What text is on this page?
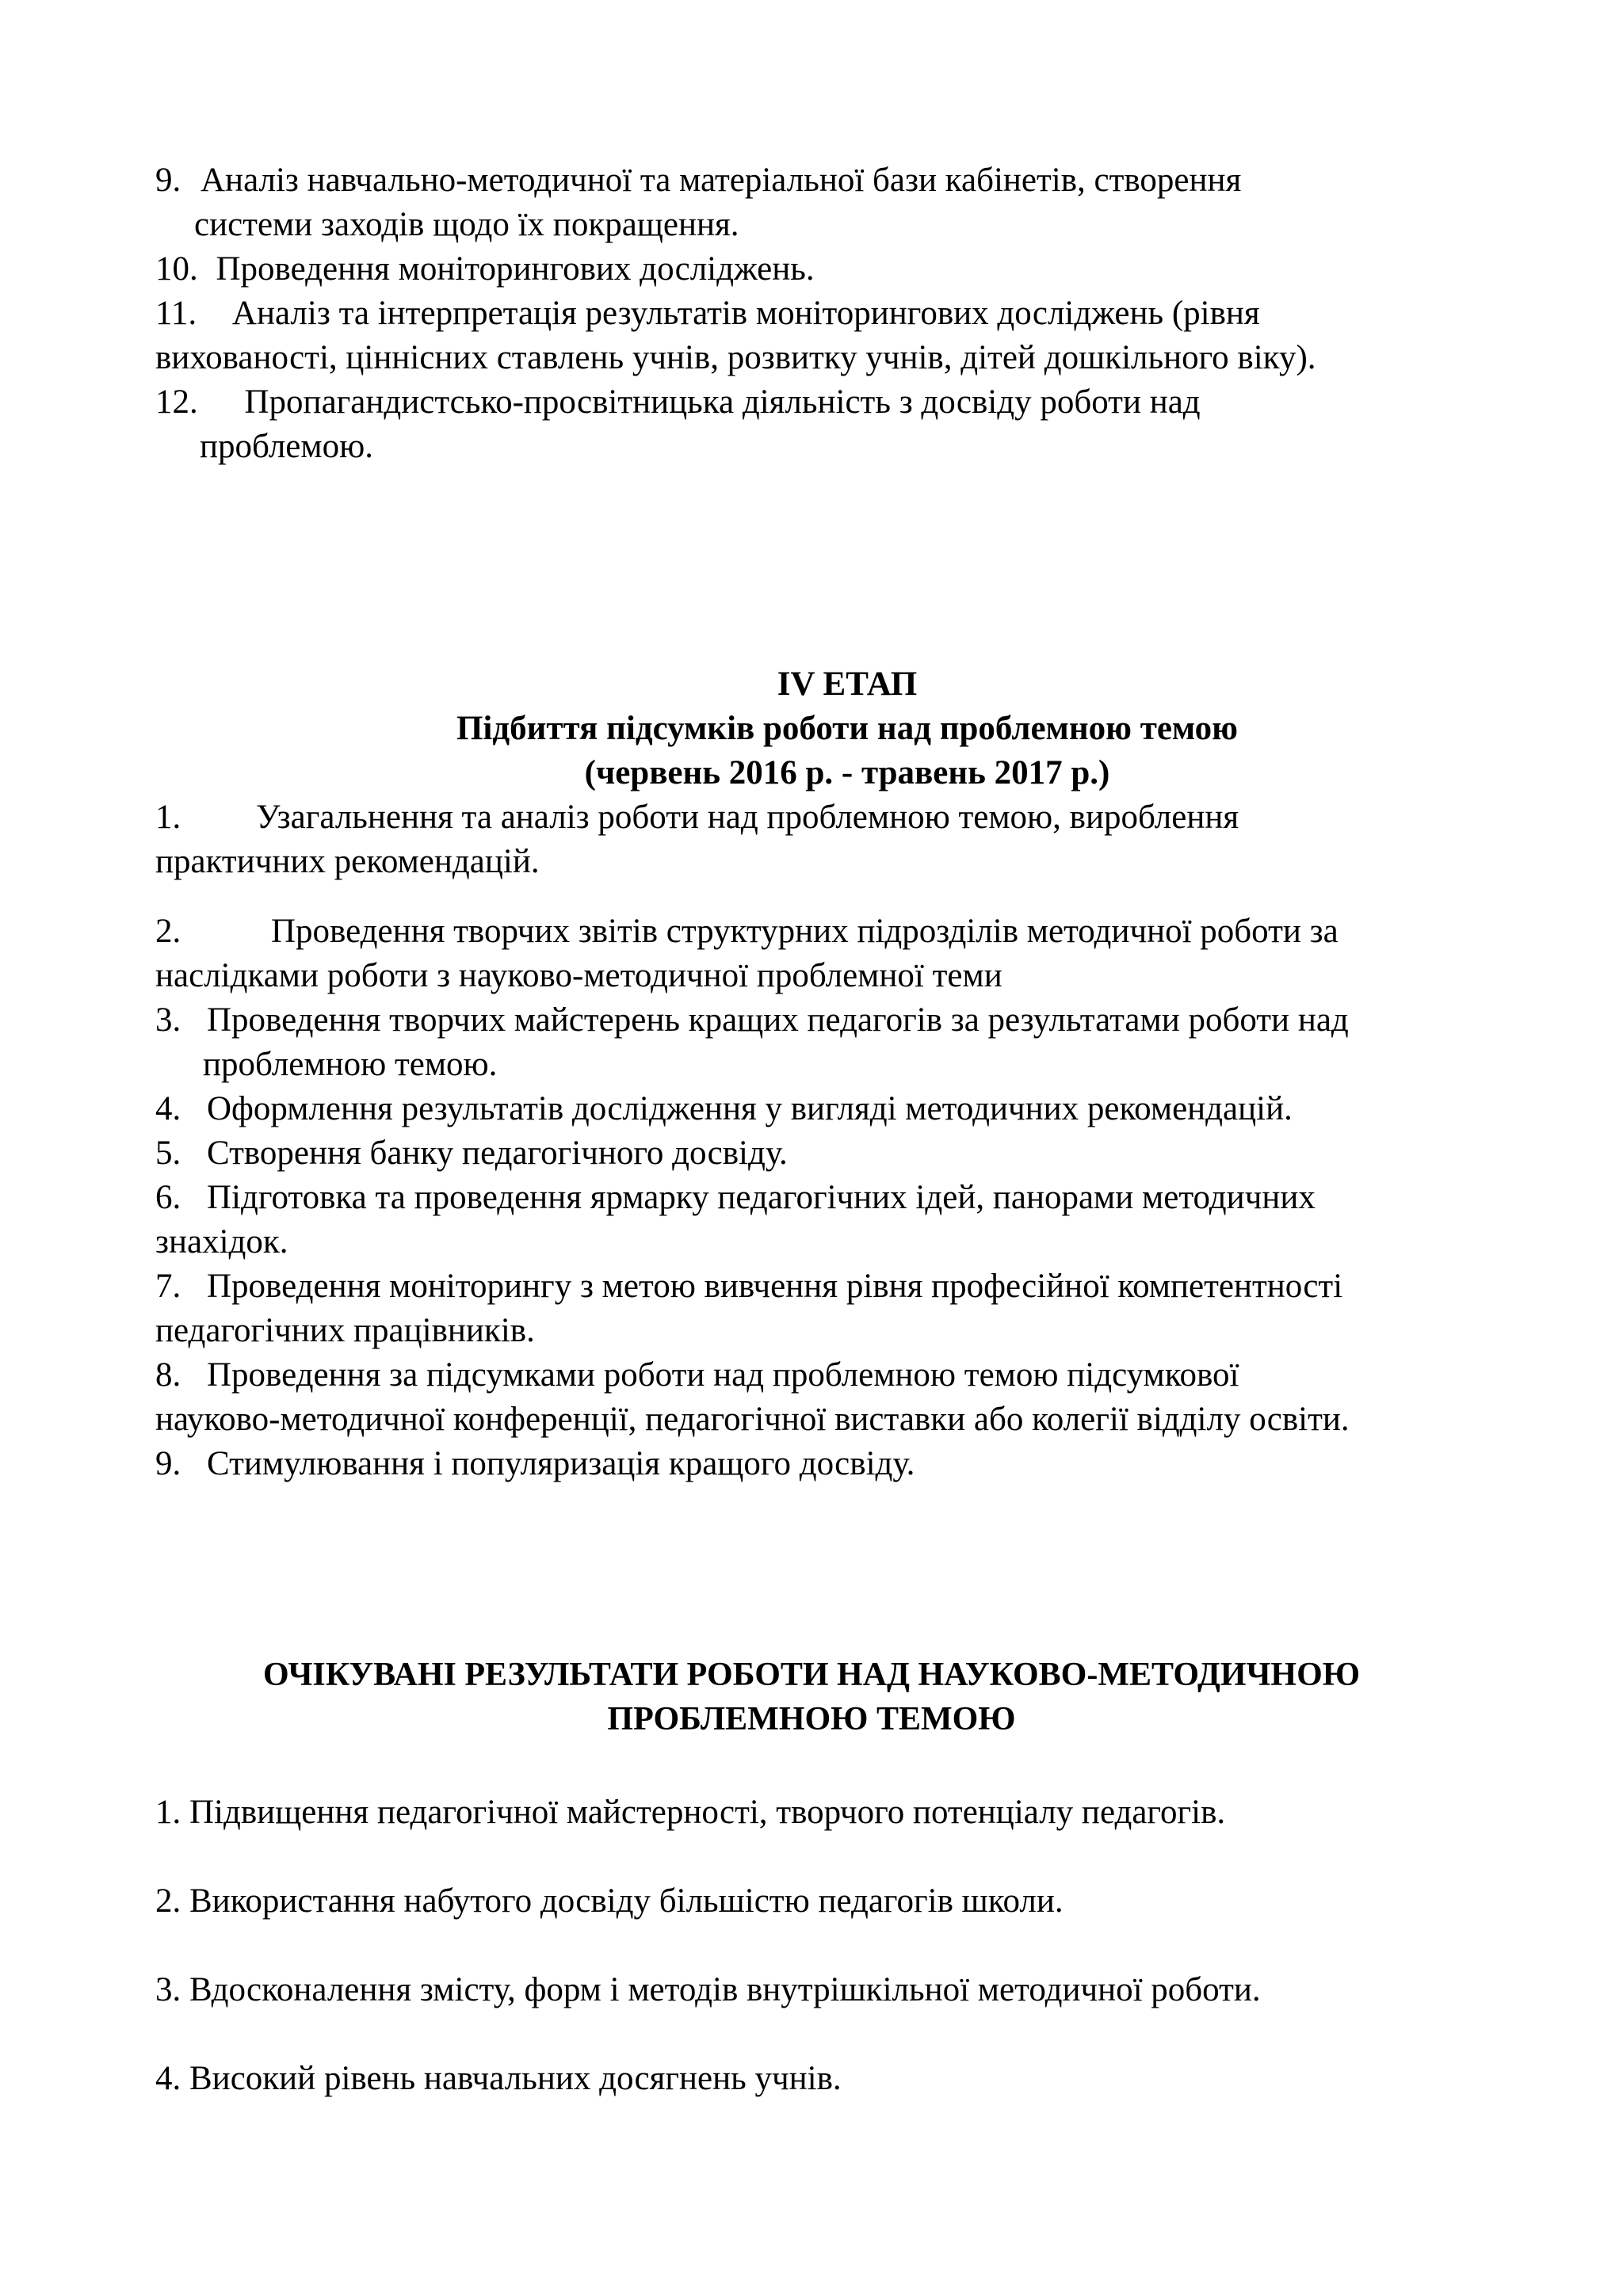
9. Аналіз навчально-методичної та матеріальної бази кабінетів, створення
системи заходів щодо їх покращення.
10. Проведення моніторингових досліджень.
11. Аналіз та інтерпретація результатів моніторингових досліджень (рівня
вихованості, ціннісних ставлень учнів, розвитку учнів, дітей дошкільного віку).
12. Пропагандистсько-просвітницька діяльність з досвіду роботи над
проблемою.
IV ЕТАП
Підбиття підсумків роботи над проблемною темою
(червень 2016 р. - травень 2017 р.)
1. Узагальнення та аналіз роботи над проблемною темою, вироблення
практичних рекомендацій.
2.	Проведення творчих звітів структурних підрозділів методичної роботи за
наслідками роботи з науково-методичної проблемної теми
3. Проведення творчих майстерень кращих педагогів за результатами роботи над
проблемною темою.
4. Оформлення результатів дослідження у вигляді методичних рекомендацій.
5. Створення банку педагогічного досвіду.
6. Підготовка та проведення ярмарку педагогічних ідей, панорами методичних
знахідок.
7. Проведення моніторингу з метою вивчення рівня професійної компетентності
педагогічних працівників.
8. Проведення за підсумками роботи над проблемною темою підсумкової
науково-методичної конференції, педагогічної виставки або колегії відділу освіти.
9. Стимулювання і популяризація кращого досвіду.
ОЧІКУВАНІ РЕЗУЛЬТАТИ РОБОТИ НАД НАУКОВО-МЕТОДИЧНОЮ
ПРОБЛЕМНОЮ ТЕМОЮ
1. Підвищення педагогічної майстерності, творчого потенціалу педагогів.
2. Використання набутого досвіду більшістю педагогів школи.
3. Вдосконалення змісту, форм і методів внутрішкільної методичної роботи.
4. Високий рівень навчальних досягнень учнів.
